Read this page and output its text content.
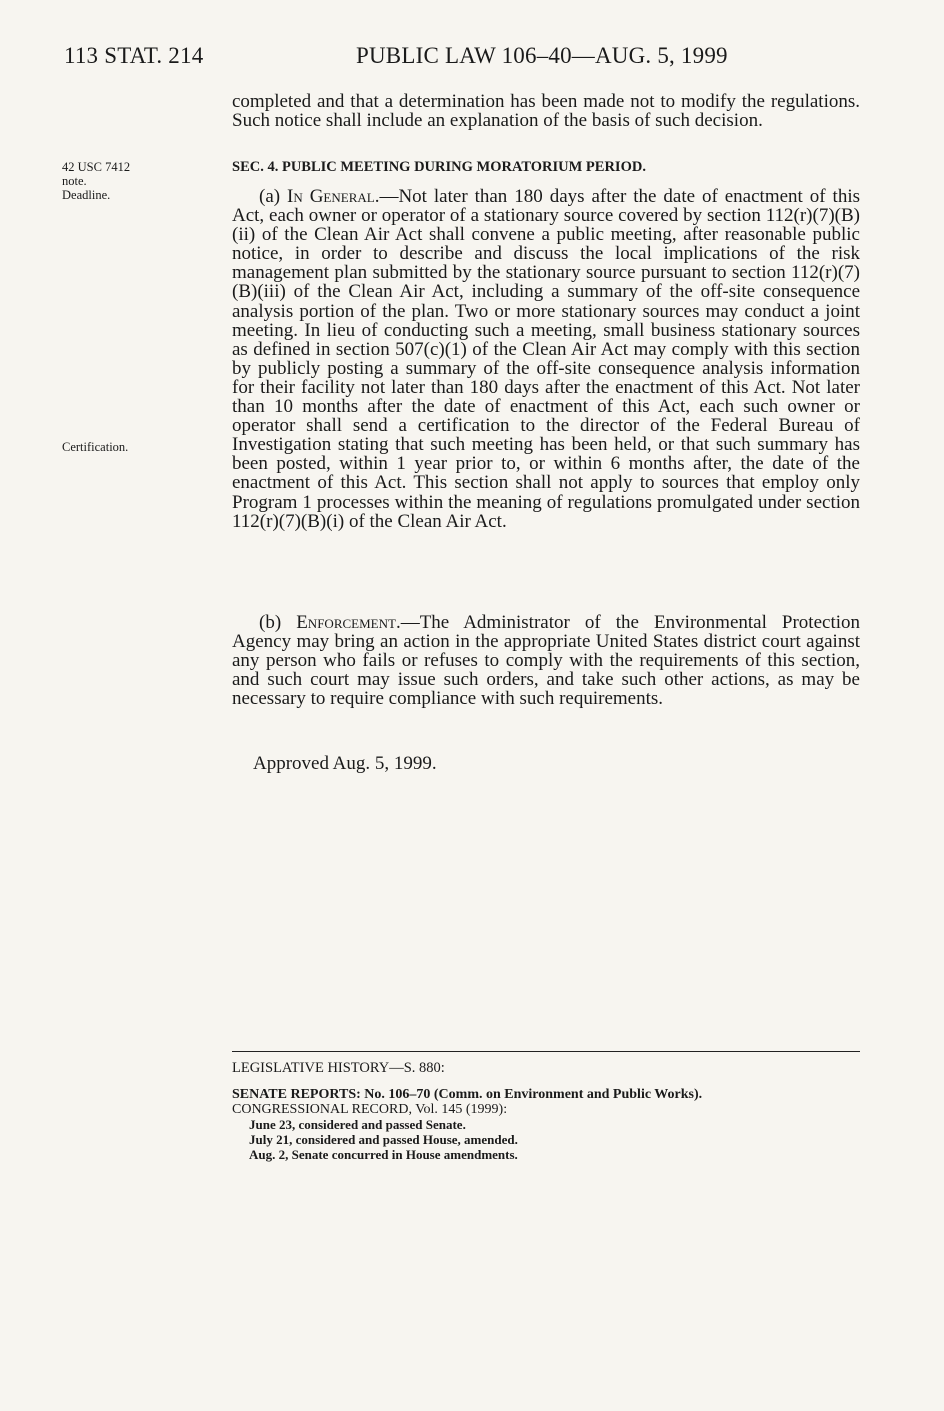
113 STAT. 214	PUBLIC LAW 106–40—AUG. 5, 1999

completed and that a determination has been made not to modify the regulations. Such notice shall include an explanation of the basis of such decision.

42 USC 7412
note.
Deadline.
SEC. 4. PUBLIC MEETING DURING MORATORIUM PERIOD.

(a) In General.—Not later than 180 days after the date of enactment of this Act, each owner or operator of a stationary source covered by section 112(r)(7)(B)(ii) of the Clean Air Act shall convene a public meeting, after reasonable public notice, in order to describe and discuss the local implications of the risk management plan submitted by the stationary source pursuant to section 112(r)(7)(B)(iii) of the Clean Air Act, including a summary of the off-site consequence analysis portion of the plan. Two or more stationary sources may conduct a joint meeting. In lieu of conducting such a meeting, small business stationary sources as defined in section 507(c)(1) of the Clean Air Act may comply with this section by publicly posting a summary of the off-site consequence analysis information for their facility not later than 180 days after the enactment of this Act. Not later than 10 months after the date of enactment of this Act, each such owner or operator shall send a certification to the director of the Federal Bureau of Investigation stating that such meeting has been held, or that such summary has been posted, within 1 year prior to, or within 6 months after, the date of the enactment of this Act. This section shall not apply to sources that employ only Program 1 processes within the meaning of regulations promulgated under section 112(r)(7)(B)(i) of the Clean Air Act.

Certification.

(b) Enforcement.—The Administrator of the Environmental Protection Agency may bring an action in the appropriate United States district court against any person who fails or refuses to comply with the requirements of this section, and such court may issue such orders, and take such other actions, as may be necessary to require compliance with such requirements.

Approved Aug. 5, 1999.
LEGISLATIVE HISTORY—S. 880:
SENATE REPORTS: No. 106–70 (Comm. on Environment and Public Works).
CONGRESSIONAL RECORD, Vol. 145 (1999):
June 23, considered and passed Senate.
July 21, considered and passed House, amended.
Aug. 2, Senate concurred in House amendments.
